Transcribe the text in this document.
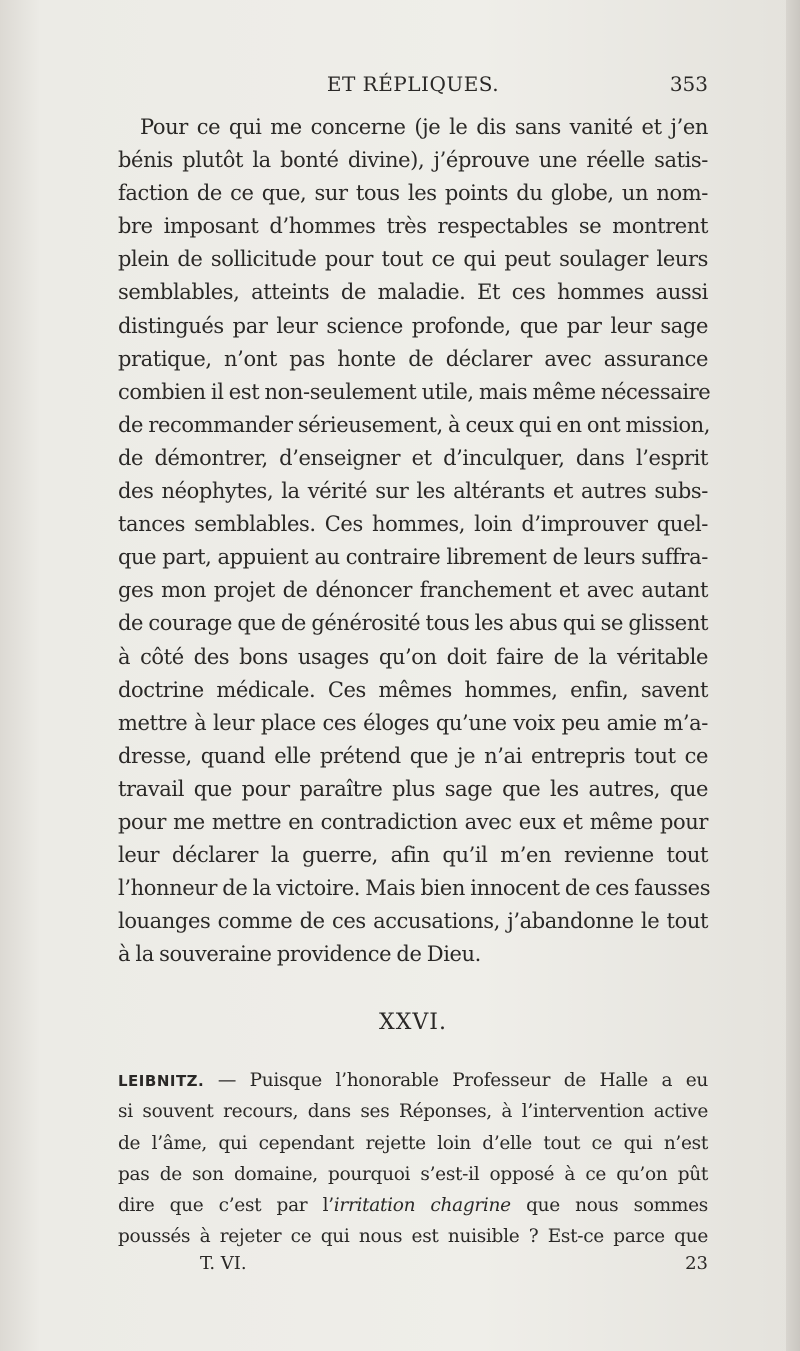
ET RÉPLIQUES.	353
Pour ce qui me concerne (je le dis sans vanité et j’en
bénis plutôt la bonté divine), j’éprouve une réelle satis-
faction de ce que, sur tous les points du globe, un nom-
bre imposant d’hommes très respectables se montrent
plein de sollicitude pour tout ce qui peut soulager leurs
semblables, atteints de maladie. Et ces hommes aussi
distingués par leur science profonde, que par leur sage
pratique, n’ont pas honte de déclarer avec assurance
combien il est non-seulement utile, mais même nécessaire
de recommander sérieusement, à ceux qui en ont mission,
de démontrer, d’enseigner et d’inculquer, dans l’esprit
des néophytes, la vérité sur les altérants et autres subs-
tances semblables. Ces hommes, loin d’improuver quel-
que part, appuient au contraire librement de leurs suffra-
ges mon projet de dénoncer franchement et avec autant
de courage que de générosité tous les abus qui se glissent
à côté des bons usages qu’on doit faire de la véritable
doctrine médicale. Ces mêmes hommes, enfin, savent
mettre à leur place ces éloges qu’une voix peu amie m’a-
dresse, quand elle prétend que je n’ai entrepris tout ce
travail que pour paraître plus sage que les autres, que
pour me mettre en contradiction avec eux et même pour
leur déclarer la guerre, afin qu’il m’en revienne tout
l’honneur de la victoire. Mais bien innocent de ces fausses
louanges comme de ces accusations, j’abandonne le tout
à la souveraine providence de Dieu.
XXVI.
LEIBNITZ. — Puisque l’honorable Professeur de Halle a eu
si souvent recours, dans ses Réponses, à l’intervention active
de l’âme, qui cependant rejette loin d’elle tout ce qui n’est
pas de son domaine, pourquoi s’est-il opposé à ce qu’on pût
dire que c’est par l’irritation chagrine que nous sommes
poussés à rejeter ce qui nous est nuisible ? Est-ce parce que
T. VI.	23
